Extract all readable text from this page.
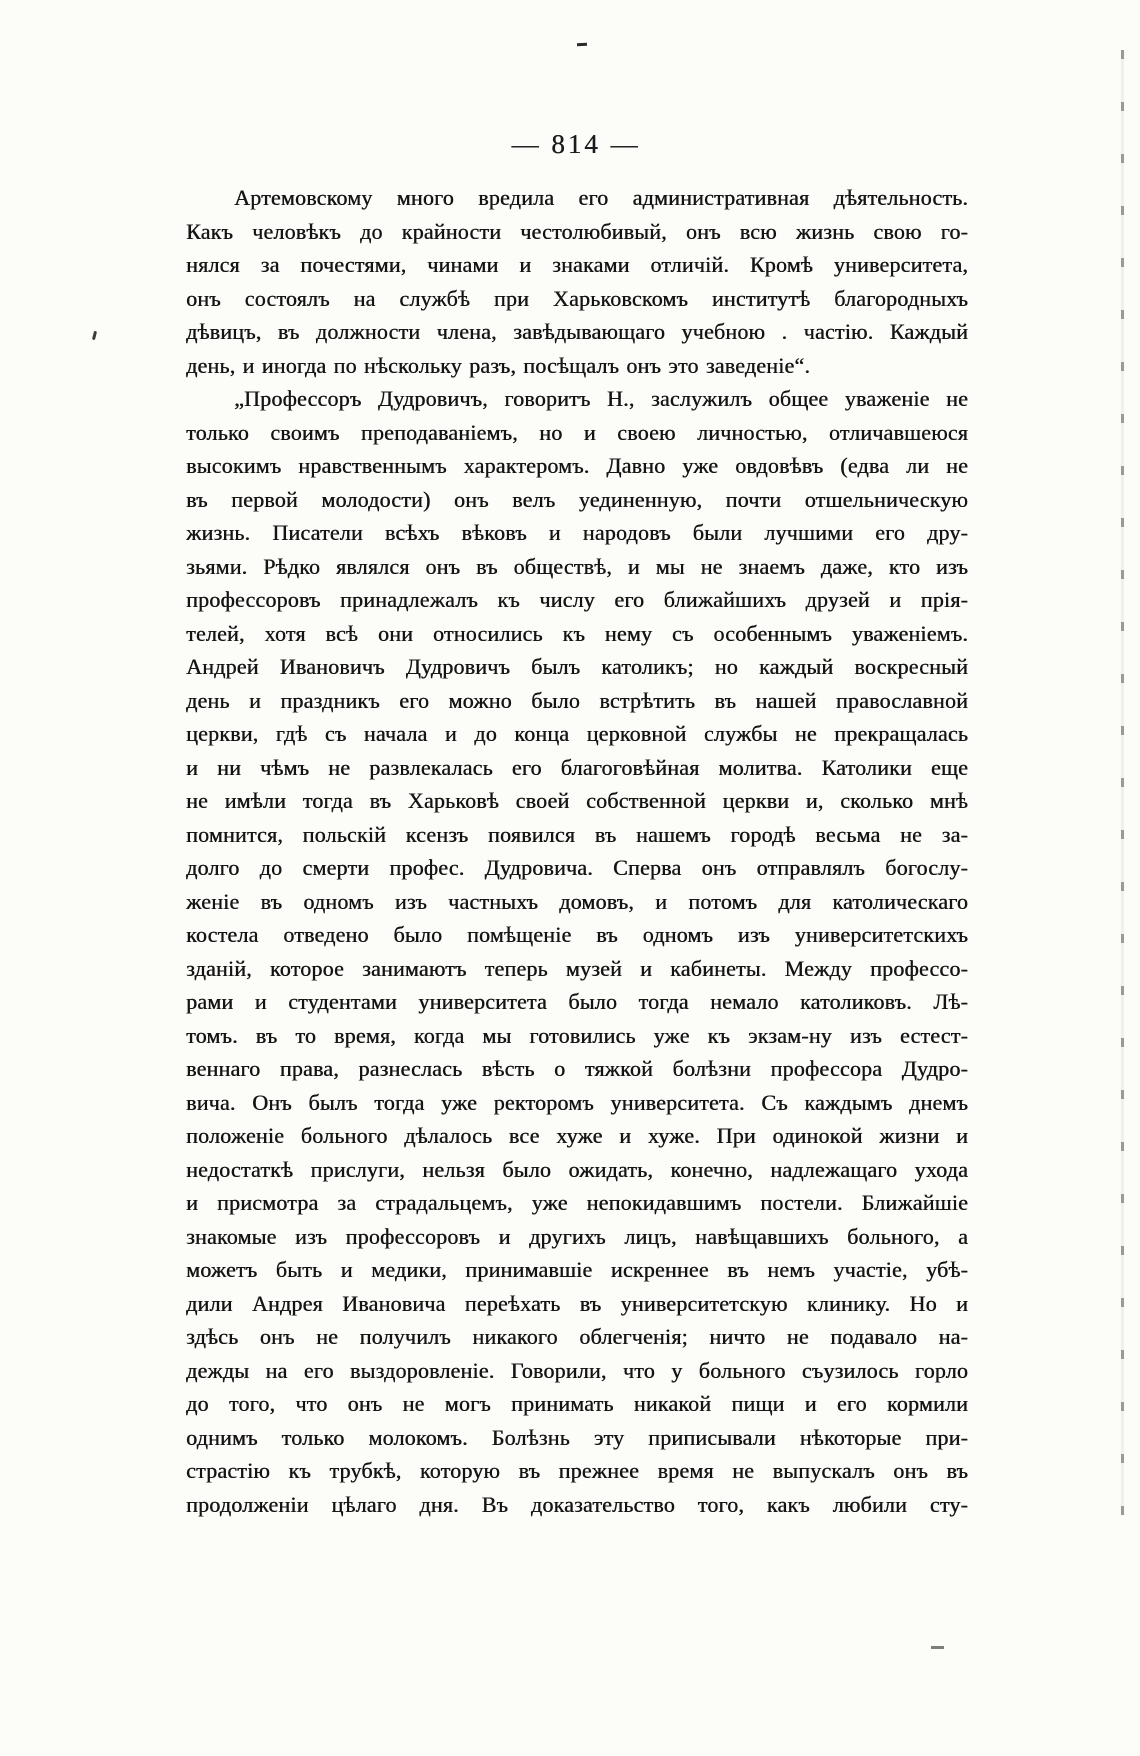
— 814 —
Артемовскому много вредила его административная дѣятельность.
Какъ человѣкъ до крайности честолюбивый, онъ всю жизнь свою го-
нялся за почестями, чинами и знаками отличій. Кромѣ университета,
онъ состоялъ на службѣ при Харьковскомъ институтѣ благородныхъ
дѣвицъ, въ должности члена, завѣдывающаго учебною . частію. Каждый
день, и иногда по нѣскольку разъ, посѣщалъ онъ это заведеніе“.
„Профессоръ Дудровичъ, говоритъ Н., заслужилъ общее уваженіе не
только своимъ преподаваніемъ, но и своею личностью, отличавшеюся
высокимъ нравственнымъ характеромъ. Давно уже овдовѣвъ (едва ли не
въ первой молодости) онъ велъ уединенную, почти отшельническую
жизнь. Писатели всѣхъ вѣковъ и народовъ были лучшими его дру-
зьями. Рѣдко являлся онъ въ обществѣ, и мы не знаемъ даже, кто изъ
профессоровъ принадлежалъ къ числу его ближайшихъ друзей и прія-
телей, хотя всѣ они относились къ нему съ особеннымъ уваженіемъ.
Андрей Ивановичъ Дудровичъ былъ католикъ; но каждый воскресный
день и праздникъ его можно было встрѣтить въ нашей православной
церкви, гдѣ съ начала и до конца церковной службы не прекращалась
и ни чѣмъ не развлекалась его благоговѣйная молитва. Католики еще
не имѣли тогда въ Харьковѣ своей собственной церкви и, сколько мнѣ
помнится, польскій ксензъ появился въ нашемъ городѣ весьма не за-
долго до смерти профес. Дудровича. Сперва онъ отправлялъ богослу-
женіе въ одномъ изъ частныхъ домовъ, и потомъ для католическаго
костела отведено было помѣщеніе въ одномъ изъ университетскихъ
зданій, которое занимаютъ теперь музей и кабинеты. Между профессо-
рами и студентами университета было тогда немало католиковъ. Лѣ-
томъ. въ то время, когда мы готовились уже къ экзам-ну изъ естест-
веннаго права, разнеслась вѣсть о тяжкой болѣзни профессора Дудро-
вича. Онъ былъ тогда уже ректоромъ университета. Съ каждымъ днемъ
положеніе больного дѣлалось все хуже и хуже. При одинокой жизни и
недостаткѣ прислуги, нельзя было ожидать, конечно, надлежащаго ухода
и присмотра за страдальцемъ, уже непокидавшимъ постели. Ближайшіе
знакомые изъ профессоровъ и другихъ лицъ, навѣщавшихъ больного, а
можетъ быть и медики, принимавшіе искреннее въ немъ участіе, убѣ-
дили Андрея Ивановича переѣхать въ университетскую клинику. Но и
здѣсь онъ не получилъ никакого облегченія; ничто не подавало на-
дежды на его выздоровленіе. Говорили, что у больного съузилось горло
до того, что онъ не могъ принимать никакой пищи и его кормили
однимъ только молокомъ. Болѣзнь эту приписывали нѣкоторые при-
страстію къ трубкѣ, которую въ прежнее время не выпускалъ онъ въ
продолженіи цѣлаго дня. Въ доказательство того, какъ любили сту-
